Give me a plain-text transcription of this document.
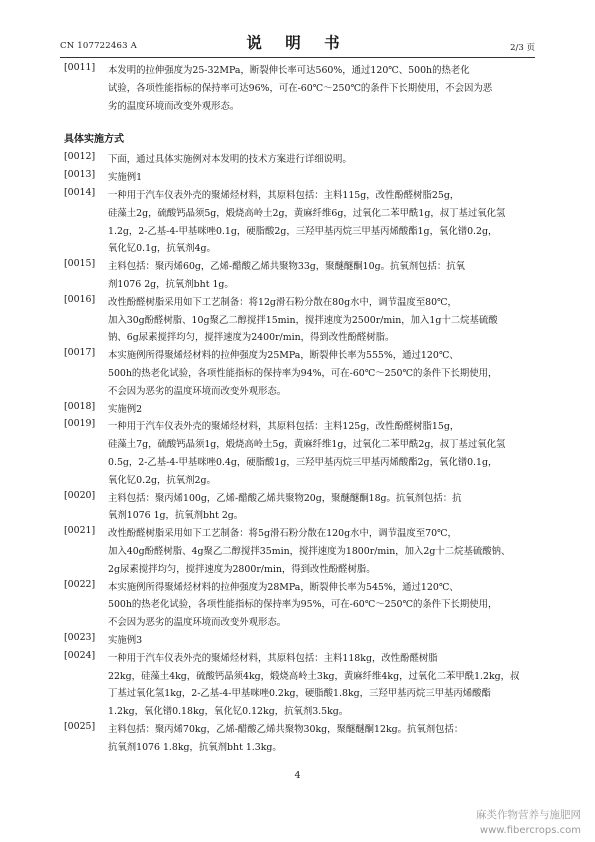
CN 107722463 A	说 明 书	2/3 页
[0011] 本发明的拉伸强度为25-32MPa，断裂伸长率可达560%，通过120℃、500h的热老化
试验，各项性能指标的保持率可达96%，可在-60℃～250℃的条件下长期使用，不会因为恶
劣的温度环境而改变外观形态。
具体实施方式
[0012] 下面，通过具体实施例对本发明的技术方案进行详细说明。
[0013] 实施例1
[0014] 一种用于汽车仪表外壳的聚烯烃材料，其原料包括：主料115g，改性酚醛树脂25g，
硅藻土2g，硫酸钙晶须5g，煅烧高岭土2g，黄麻纤维6g，过氧化二苯甲酰1g，叔丁基过氧化氢
1.2g，2-乙基-4-甲基咪唑0.1g，硬脂酸2g，三羟甲基丙烷三甲基丙烯酸酯1g，氧化镨0.2g，
氧化钇0.1g，抗氧剂4g。
[0015] 主料包括：聚丙烯60g，乙烯-醋酸乙烯共聚物33g，聚醚醚酮10g。抗氧剂包括：抗氧
剂1076 2g，抗氧剂bht 1g。
[0016] 改性酚醛树脂采用如下工艺制备：将12g滑石粉分散在80g水中，调节温度至80℃，
加入30g酚醛树脂、10g聚乙二醇搅拌15min，搅拌速度为2500r/min，加入1g十二烷基硫酸
钠、6g尿素搅拌均匀，搅拌速度为2400r/min，得到改性酚醛树脂。
[0017] 本实施例所得聚烯烃材料的拉伸强度为25MPa，断裂伸长率为555%，通过120℃、
500h的热老化试验，各项性能指标的保持率为94%，可在-60℃～250℃的条件下长期使用，
不会因为恶劣的温度环境而改变外观形态。
[0018] 实施例2
[0019] 一种用于汽车仪表外壳的聚烯烃材料，其原料包括：主料125g，改性酚醛树脂15g，
硅藻土7g，硫酸钙晶须1g，煅烧高岭土5g，黄麻纤维1g，过氧化二苯甲酰2g，叔丁基过氧化氢
0.5g，2-乙基-4-甲基咪唑0.4g，硬脂酸1g，三羟甲基丙烷三甲基丙烯酸酯2g，氧化镨0.1g，
氧化钇0.2g，抗氧剂2g。
[0020] 主料包括：聚丙烯100g，乙烯-醋酸乙烯共聚物20g，聚醚醚酮18g。抗氧剂包括：抗
氧剂1076 1g，抗氧剂bht 2g。
[0021] 改性酚醛树脂采用如下工艺制备：将5g滑石粉分散在120g水中，调节温度至70℃，
加入40g酚醛树脂、4g聚乙二醇搅拌35min，搅拌速度为1800r/min，加入2g十二烷基硫酸钠、
2g尿素搅拌均匀，搅拌速度为2800r/min，得到改性酚醛树脂。
[0022] 本实施例所得聚烯烃材料的拉伸强度为28MPa，断裂伸长率为545%，通过120℃、
500h的热老化试验，各项性能指标的保持率为95%，可在-60℃～250℃的条件下长期使用，
不会因为恶劣的温度环境而改变外观形态。
[0023] 实施例3
[0024] 一种用于汽车仪表外壳的聚烯烃材料，其原料包括：主料118kg，改性酚醛树脂
22kg，硅藻土4kg，硫酸钙晶须4kg，煅烧高岭土3kg，黄麻纤维4kg，过氧化二苯甲酰1.2kg，叔
丁基过氧化氢1kg，2-乙基-4-甲基咪唑0.2kg，硬脂酸1.8kg，三羟甲基丙烷三甲基丙烯酸酯
1.2kg，氧化镨0.18kg，氧化钇0.12kg，抗氧剂3.5kg。
[0025] 主料包括：聚丙烯70kg，乙烯-醋酸乙烯共聚物30kg，聚醚醚酮12kg。抗氧剂包括：
抗氧剂1076 1.8kg，抗氧剂bht 1.3kg。
4
麻类作物营养与施肥网
www.fibercrops.com
